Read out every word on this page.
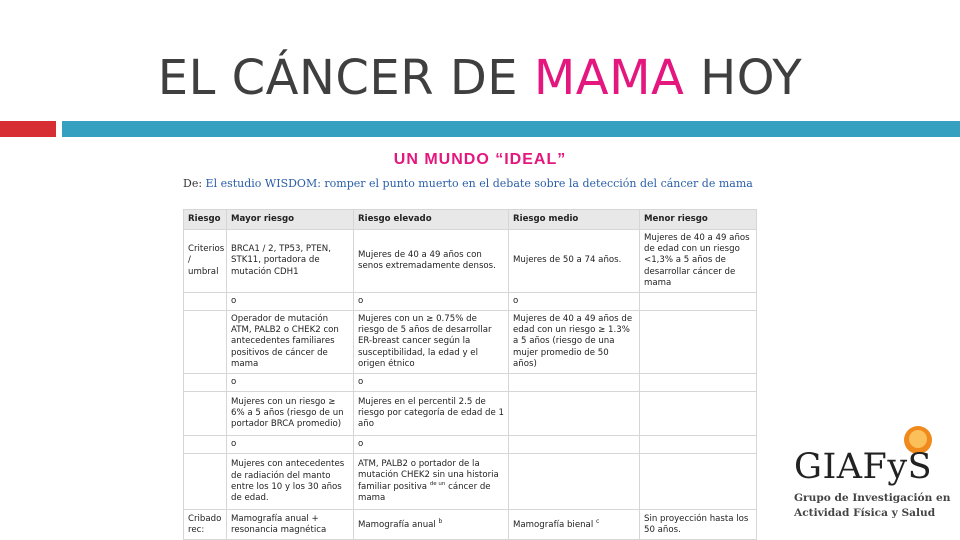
EL CÁNCER DE MAMA HOY
UN MUNDO “IDEAL”
De: El estudio WISDOM: romper el punto muerto en el debate sobre la detección del cáncer de mama
Riesgo	Mayor riesgo	Riesgo elevado	Riesgo medio	Menor riesgo
Criterios / umbral	BRCA1 / 2, TP53, PTEN, STK11, portadora de mutación CDH1	Mujeres de 40 a 49 años con senos extremadamente densos.	Mujeres de 50 a 74 años.	Mujeres de 40 a 49 años de edad con un riesgo <1,3% a 5 años de desarrollar cáncer de mama
	o	o	o	
	Operador de mutación ATM, PALB2 o CHEK2 con antecedentes familiares positivos de cáncer de mama	Mujeres con un ≥ 0.75% de riesgo de 5 años de desarrollar ER-breast cancer según la susceptibilidad, la edad y el origen étnico	Mujeres de 40 a 49 años de edad con un riesgo ≥ 1.3% a 5 años (riesgo de una mujer promedio de 50 años)	
	o	o		
	Mujeres con un riesgo ≥ 6% a 5 años (riesgo de un portador BRCA promedio)	Mujeres en el percentil 2.5 de riesgo por categoría de edad de 1 año		
	o	o		
	Mujeres con antecedentes de radiación del manto entre los 10 y los 30 años de edad.	ATM, PALB2 o portador de la mutación CHEK2 sin una historia familiar positiva $^{de un}$ cáncer de mama		
Cribado rec:	Mamografía anual + resonancia magnética	Mamografía anual $^b$	Mamografía bienal $^c$	Sin proyección hasta los 50 años.
GIAFyS
Grupo de Investigación en
Actividad Física y Salud
